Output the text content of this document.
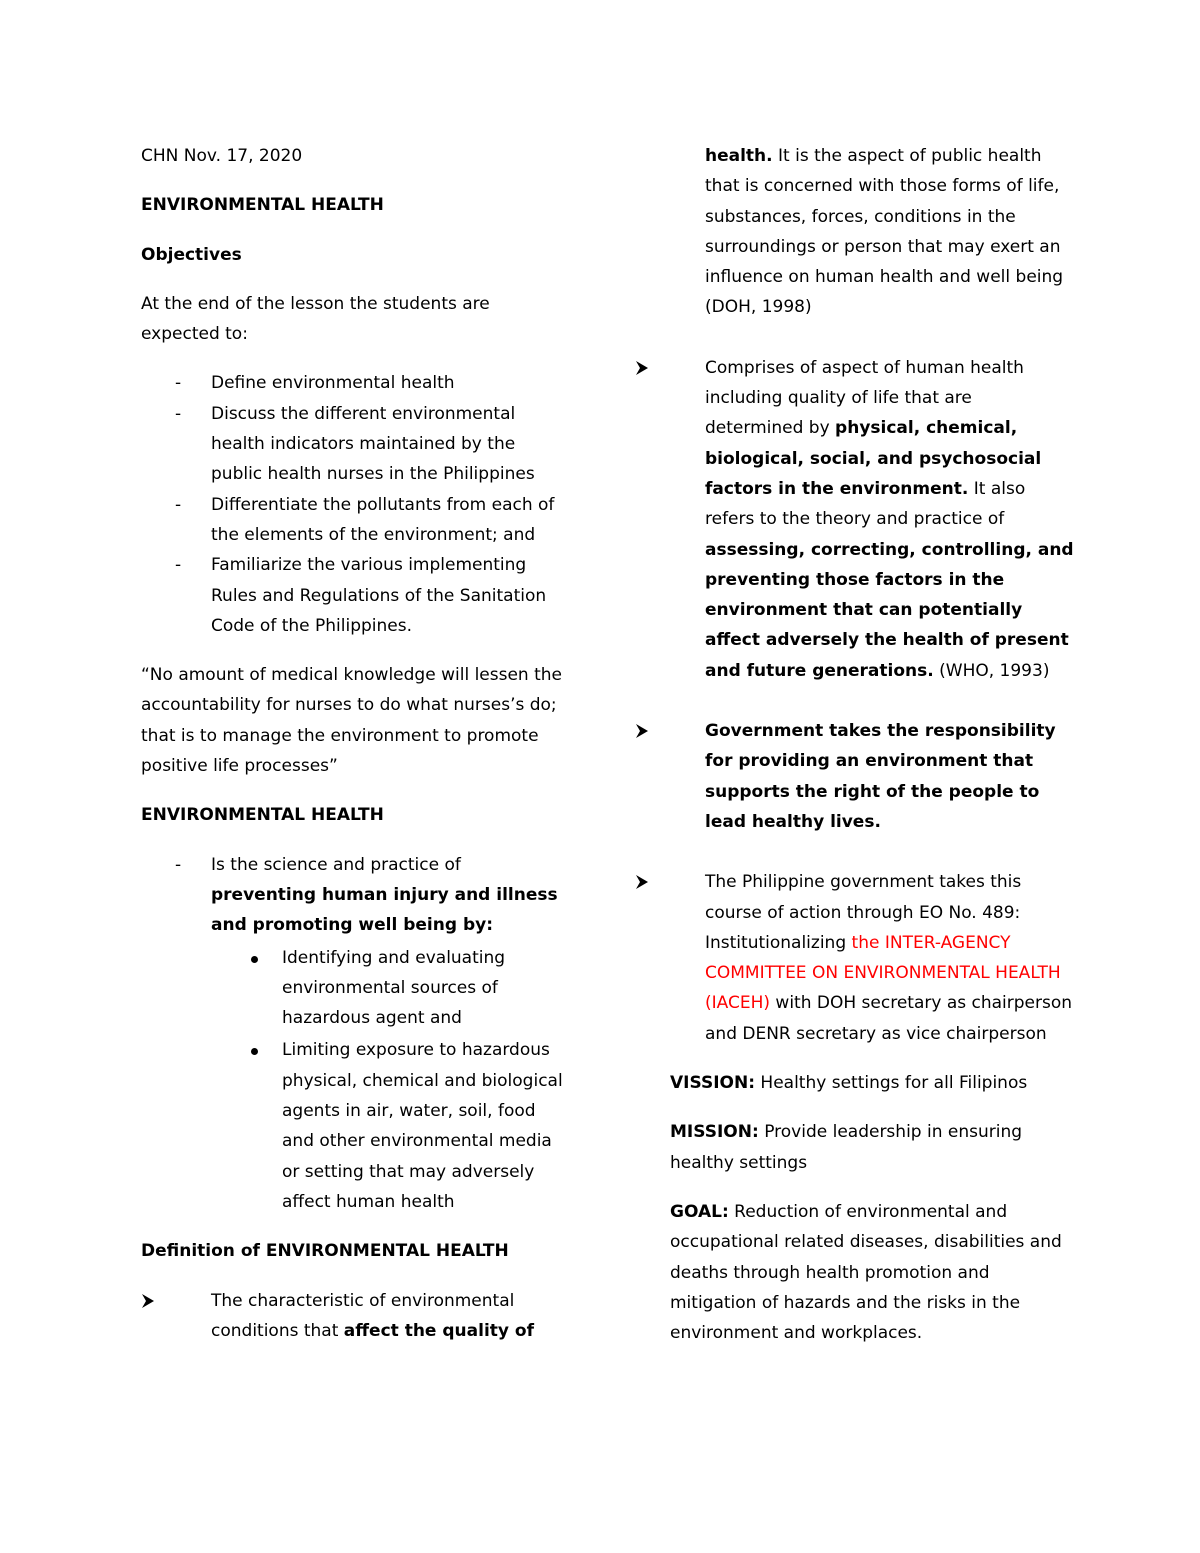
CHN Nov. 17, 2020

ENVIRONMENTAL HEALTH

Objectives

At the end of the lesson the students are expected to:

- Define environmental health
- Discuss the different environmental health indicators maintained by the public health nurses in the Philippines
- Differentiate the pollutants from each of the elements of the environment; and
- Familiarize the various implementing Rules and Regulations of the Sanitation Code of the Philippines.

“No amount of medical knowledge will lessen the accountability for nurses to do what nurses’s do; that is to manage the environment to promote positive life processes”

ENVIRONMENTAL HEALTH

- Is the science and practice of preventing human injury and illness and promoting well being by:
Identifying and evaluating environmental sources of hazardous agent and
Limiting exposure to hazardous physical, chemical and biological agents in air, water, soil, food and other environmental media or setting that may adversely affect human health

Definition of ENVIRONMENTAL HEALTH

The characteristic of environmental conditions that affect the quality of
health. It is the aspect of public health that is concerned with those forms of life, substances, forces, conditions in the surroundings or person that may exert an influence on human health and well being (DOH, 1998)
Comprises of aspect of human health including quality of life that are determined by physical, chemical, biological, social, and psychosocial factors in the environment. It also refers to the theory and practice of assessing, correcting, controlling, and preventing those factors in the environment that can potentially affect adversely the health of present and future generations. (WHO, 1993)
Government takes the responsibility for providing an environment that supports the right of the people to lead healthy lives.
The Philippine government takes this course of action through EO No. 489: Institutionalizing the INTER-AGENCY COMMITTEE ON ENVIRONMENTAL HEALTH (IACEH) with DOH secretary as chairperson and DENR secretary as vice chairperson

VISSION: Healthy settings for all Filipinos

MISSION: Provide leadership in ensuring healthy settings

GOAL: Reduction of environmental and occupational related diseases, disabilities and deaths through health promotion and mitigation of hazards and the risks in the environment and workplaces.
